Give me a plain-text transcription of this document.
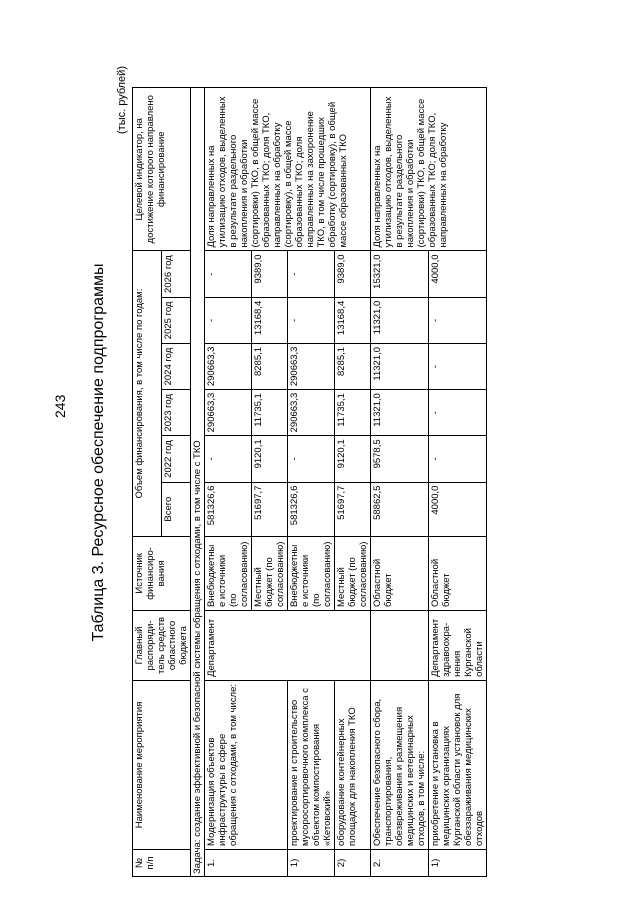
243 Таблица 3. Ресурсное обеспечение подпрограммы
(тыс. рублей)
№ п/п	Наименование мероприятия	Главный распоряди-тель средств областного бюджета	Источник финансиро-вания	Объем финансирования, в том числе по годам:						Целевой индикатор, на достижение которого направлено финансирование
				Всего	2022 год	2023 год	2024 год	2025 год	2026 год	
Задача: создание эффективной и безопасной системы обращения с отходами, в том числе с ТКО										
1.	Модернизация объектов инфраструктуры в сфере обращения с отходами, в том числе:	Департамент	Внебюджетные источники (по согласованию)	581326,6	-	290663,3	290663,3	-	-	Доля направленных на утилизацию отходов, выделенных в результате раздельного накопления и обработки (сортировки) ТКО, в общей массе образованных ТКО; доля ТКО, направленных на обработку (сортировку), в общей массе образованных ТКО; доля направленных на захоронение ТКО, в том числе прошедших обработку (сортировку), в общей массе образованных ТКО
			Местный бюджет (по согласованию)	51697,7	9120,1	11735,1	8285,1	13168,4	9389,0	
1)	проектирование и строительство мусоросортировочного комплекса с объектом компостирования «Кетовский»		Внебюджетные источники (по согласованию)	581326,6	-	290663,3	290663,3	-	-	
2)	оборудование контейнерных площадок для накопления ТКО		Местный бюджет (по согласованию)	51697,7	9120,1	11735,1	8285,1	13168,4	9389,0	
2.	Обеспечение безопасного сбора, транспортирования, обезвреживания и размещения медицинских и ветеринарных отходов, в том числе:		Областной бюджет	58862,5	9578,5	11321,0	11321,0	11321,0	15321,0	Доля направленных на утилизацию отходов, выделенных в результате раздельного накопления и обработки (сортировки) ТКО, в общей массе образованных ТКО; доля ТКО, направленных на обработку
1)	приобретение и установка в медицинских организациях Курганской области установок для обеззараживания медицинских отходов	Департамент здравоохра-нения Курганской области	Областной бюджет	4000,0	-	-	-	-	4000,0	
